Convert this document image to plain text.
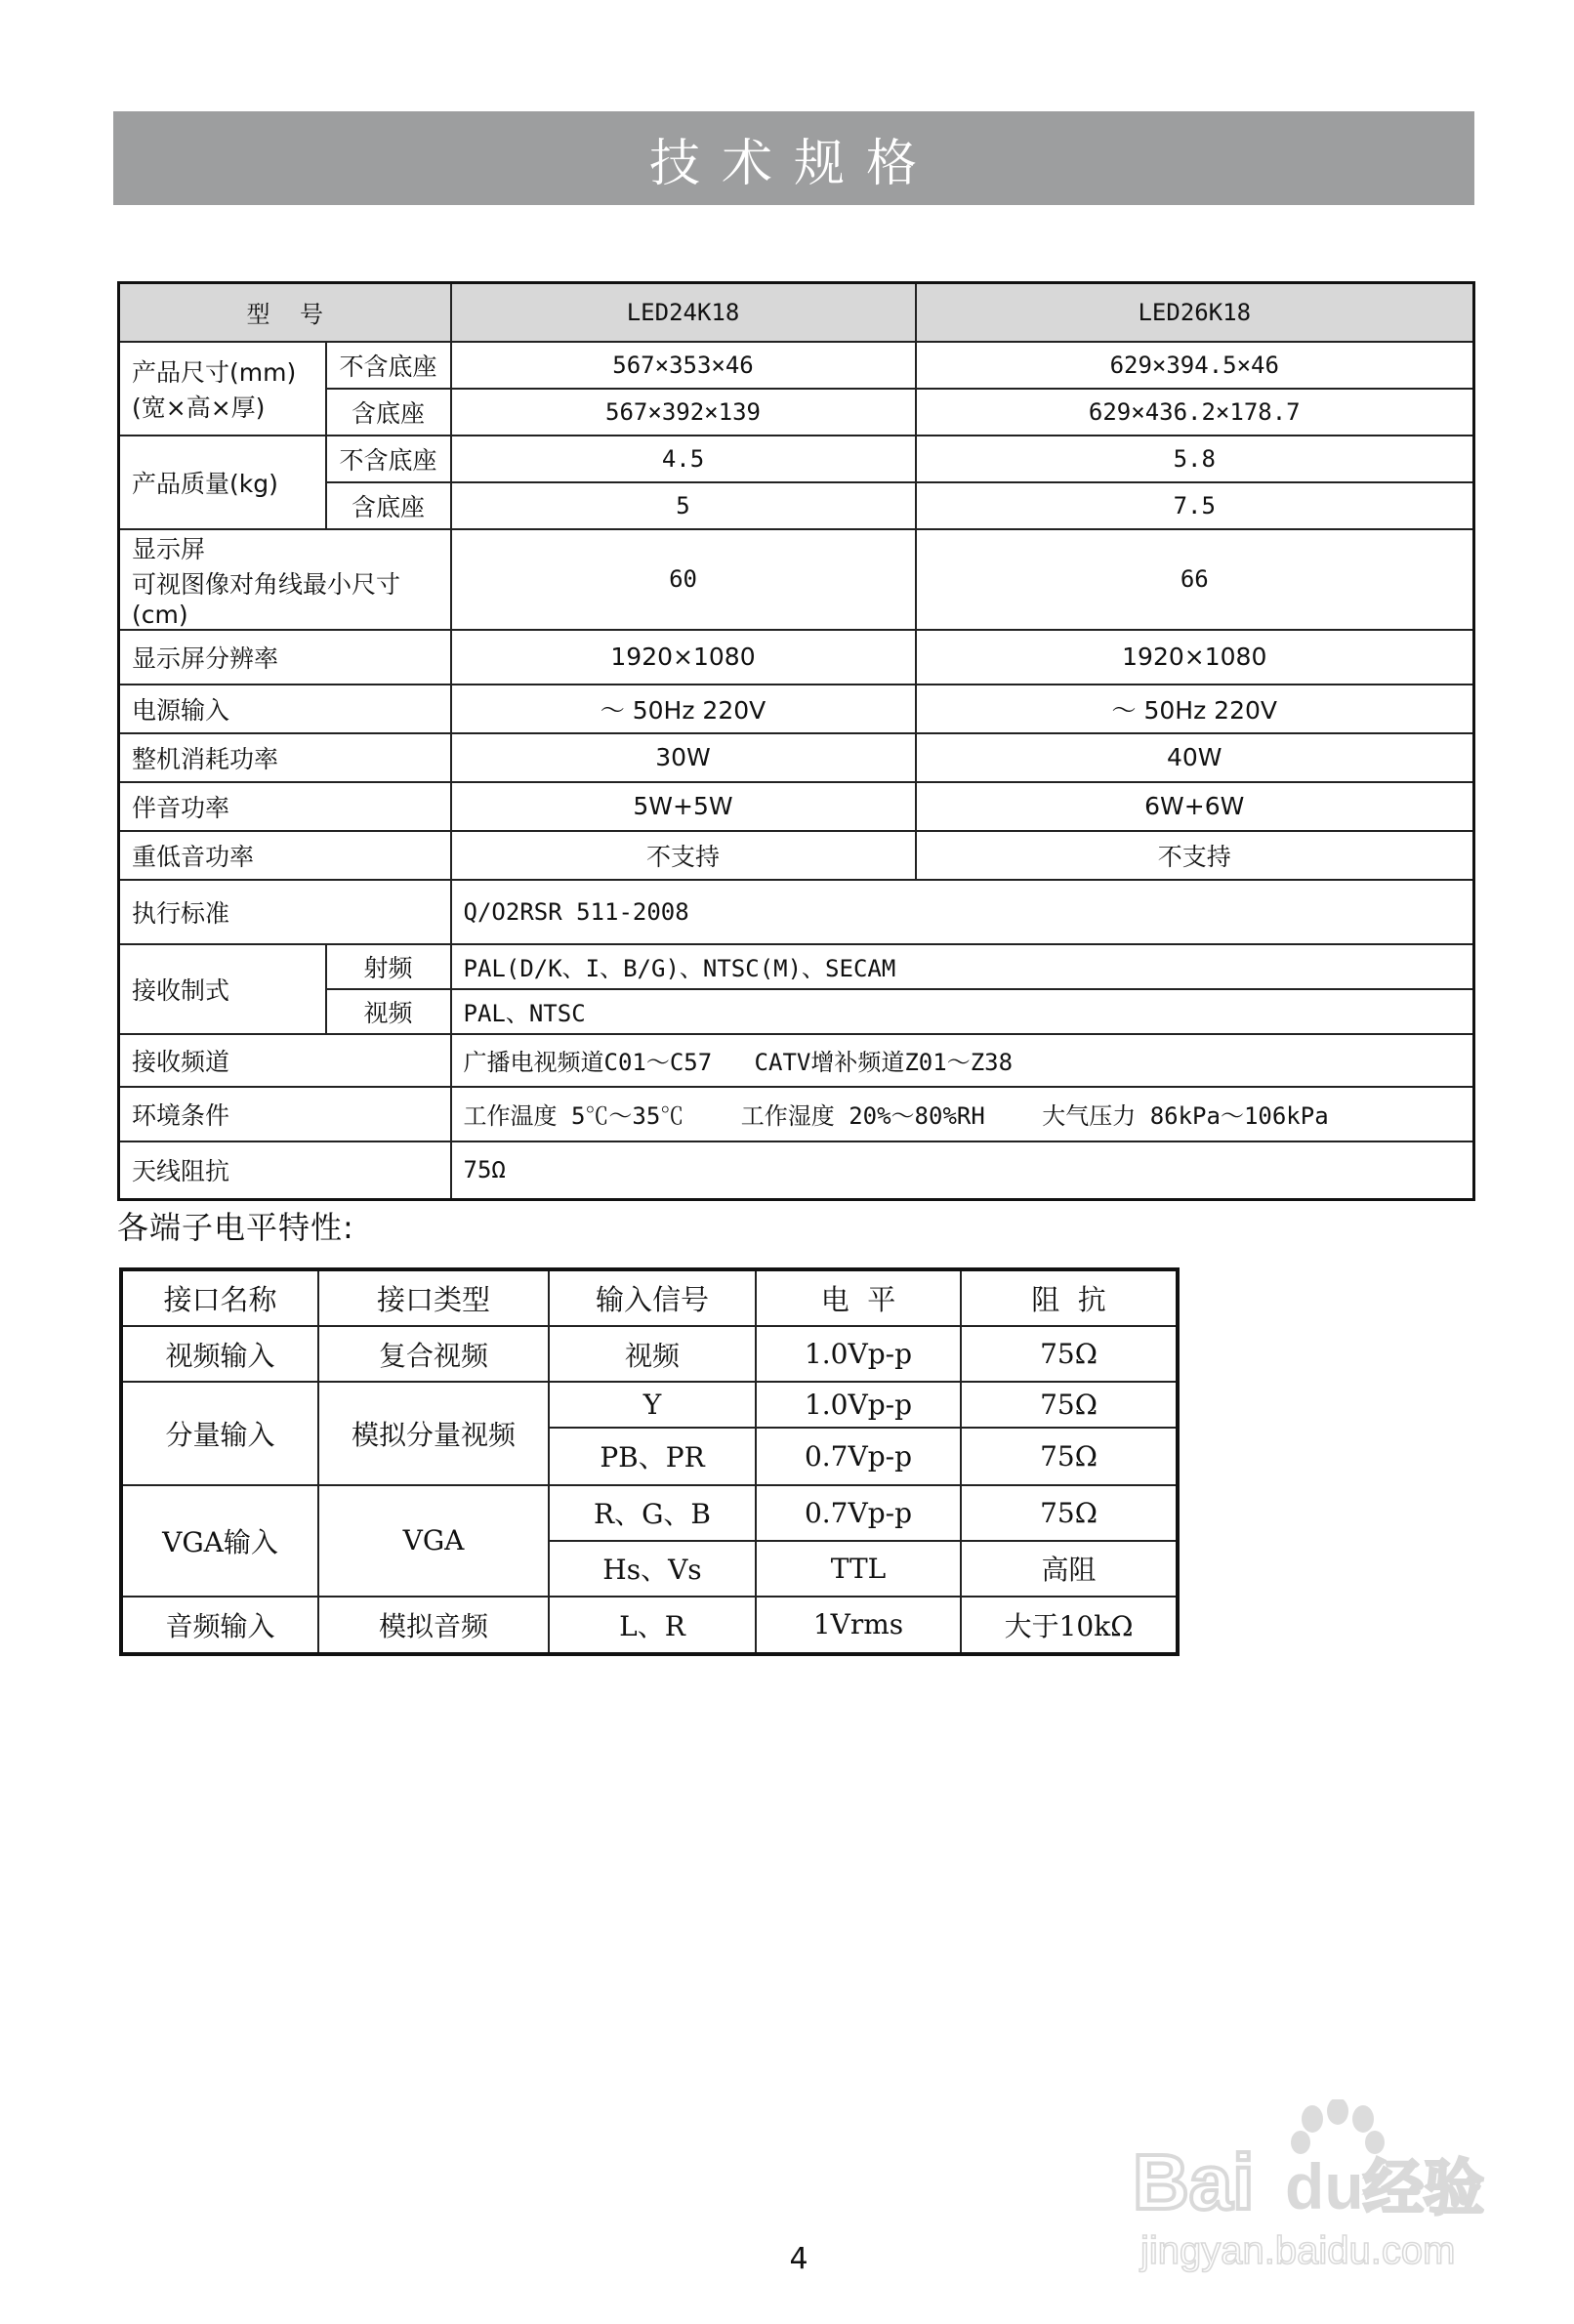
技术规格
型    号		LED24K18	LED26K18

产品尺寸(mm)
(宽×高×厚)	不含底座	567×353×46	629×394.5×46
	含底座	567×392×139	629×436.2×178.7
产品质量(kg)	不含底座	4.5	5.8
	含底座	5	7.5

显示屏
可视图像对角线最小尺寸(cm)		60	66
显示屏分辨率		1920×1080	1920×1080
电源输入		～ 50Hz 220V	～ 50Hz 220V
整机消耗功率		30W	40W
伴音功率		5W+5W	6W+6W
重低音功率		不支持	不支持
执行标准		Q/O2RSR 511-2008	
接收制式	射频	PAL(D/K、I、B/G)、NTSC(M)、SECAM	
	视频	PAL、NTSC	
接收频道		广播电视频道C01～C57   CATV增补频道Z01～Z38	
环境条件		工作温度 5℃～35℃ 工作湿度 20%～80%RH 大气压力 86kPa～106kPa	
天线阻抗		75Ω	
各端子电平特性:
接口名称	接口类型	输入信号	电  平	阻  抗
视频输入	复合视频	视频	1.0Vp-p	75Ω
分量输入	模拟分量视频	Y	1.0Vp-p	75Ω
		PB、PR	0.7Vp-p	75Ω
VGA输入	VGA	R、G、B	0.7Vp-p	75Ω
		Hs、Vs	TTL	高阻
音频输入	模拟音频	L、R	1Vrms	大于10kΩ
Bai du 经验
jingyan.baidu.com
4
